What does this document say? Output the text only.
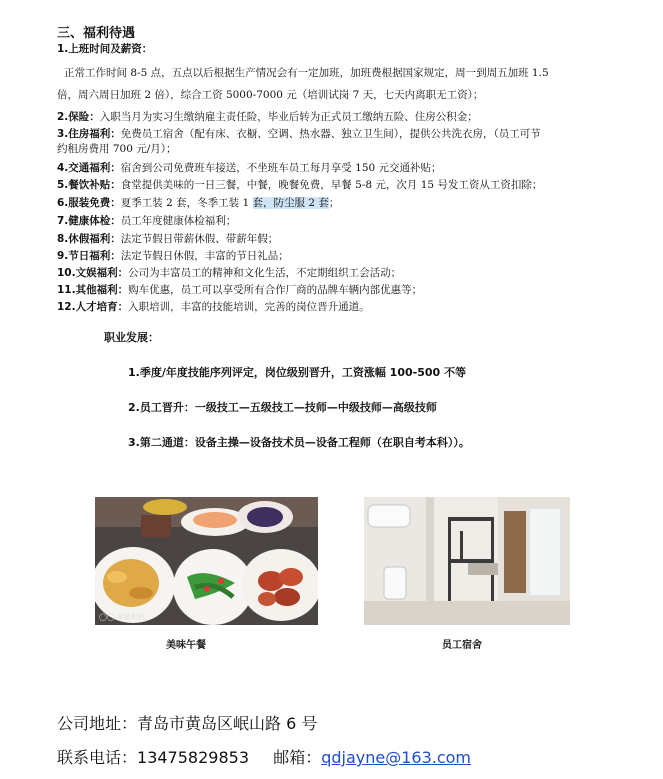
三、福利待遇
1.上班时间及薪资：
正常工作时间 8-5 点，五点以后根据生产情况会有一定加班，加班费根据国家规定，周一到周五加班 1.5
倍，周六周日加班 2 倍），综合工资 5000-7000 元（培训试岗 7 天，七天内离职无工资）；
2.保险：入职当月为实习生缴纳雇主责任险，毕业后转为正式员工缴纳五险、住房公积金；
3.住房福利：免费员工宿舍（配有床、衣橱、空调、热水器、独立卫生间），提供公共洗衣房，（员工可节
约租房费用 700 元/月）；
4.交通福利：宿舍到公司免费班车接送，不坐班车员工每月享受 150 元交通补贴；
5.餐饮补贴：食堂提供美味的一日三餐，中餐，晚餐免费，早餐 5-8 元，次月 15 号发工资从工资扣除；
6.服装免费：夏季工装 2 套，冬季工装 1 套，防尘服 2 套；
7.健康体检：员工年度健康体检福利；
8.休假福利：法定节假日带薪休假、带薪年假；
9.节日福利：法定节假日休假，丰富的节日礼品；
10.文娱福利：公司为丰富员工的精神和文化生活，不定期组织工会活动；
11.其他福利：购车优惠，员工可以享受所有合作厂商的品牌车辆内部优惠等；
12.人才培育：入职培训，丰富的技能培训，完善的岗位晋升通道。
职业发展：
1.季度/年度技能序列评定，岗位级别晋升，工资涨幅 100-500 不等
2.员工晋升：一级技工—五级技工—技师—中级技师—高级技师
3.第二通道：设备主操—设备技术员—设备工程师（在职自考本科））。
◯◯ 零帧相机
美味午餐	员工宿舍
公司地址：青岛市黄岛区岷山路 6 号
联系电话：13475829853 邮箱：qdjayne@163.com
